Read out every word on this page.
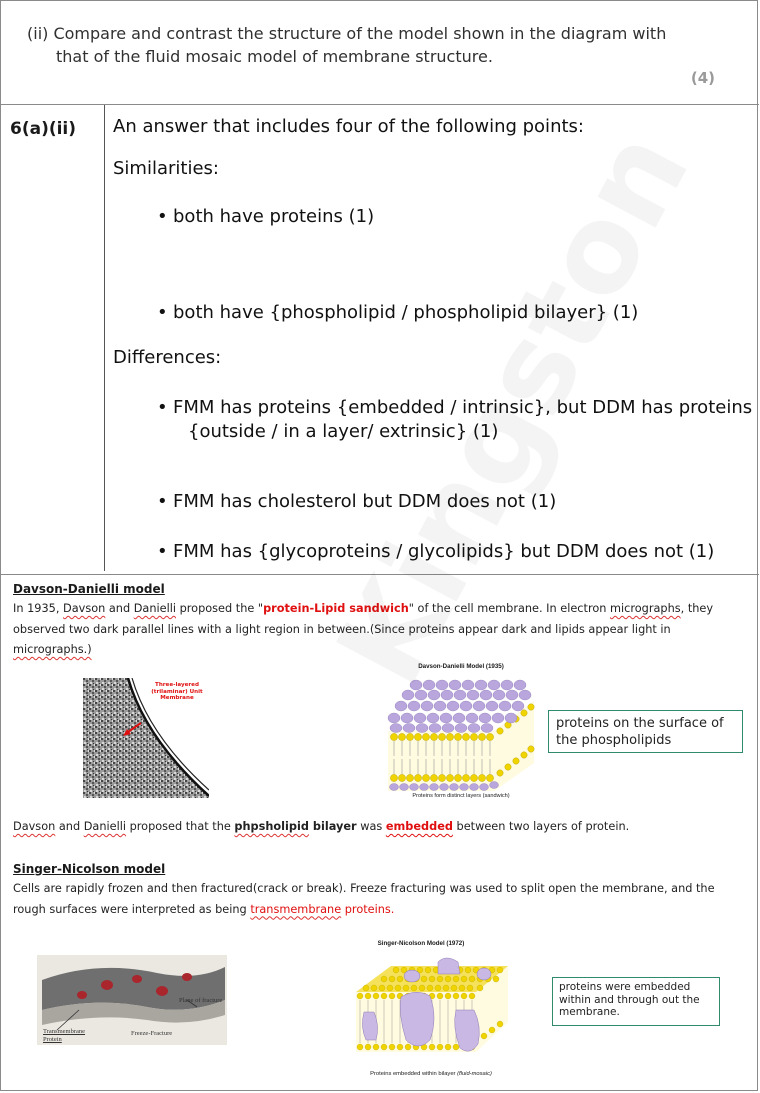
(ii) Compare and contrast the structure of the model shown in the diagram with
that of the fluid mosaic model of membrane structure.
(4)
6(a)(ii) An answer that includes four of the following points:
Similarities:
• both have proteins (1)
• both have {phospholipid / phospholipid bilayer} (1)
Differences:
• FMM has proteins {embedded / intrinsic}, but DDM has proteins
{outside / in a layer/ extrinsic} (1)
• FMM has cholesterol but DDM does not (1)
• FMM has {glycoproteins / glycolipids} but DDM does not (1)
Davson-Danielli model
In 1935, Davson and Danielli proposed the "protein-Lipid sandwich" of the cell membrane. In electron micrographs, they
observed two dark parallel lines with a light region in between.(Since proteins appear dark and lipids appear light in
micrographs.)
Three-layered (trilaminar) Unit Membrane
Davson-Danielli Model (1935)
Proteins form distinct layers (sandwich)
proteins on the surface of the phospholipids
Davson and Danielli proposed that the phpsholipid bilayer was embedded between two layers of protein.
Singer-Nicolson model
Cells are rapidly frozen and then fractured(crack or break). Freeze fracturing was used to split open the membrane, and the
rough surfaces were interpreted as being transmembrane proteins.
Plane of fracture
Transmembrane Protein
Freeze-Fracture
Singer-Nicolson Model (1972)
Proteins embedded within bilayer (fluid-mosaic)
proteins were embedded within and through out the membrane.
